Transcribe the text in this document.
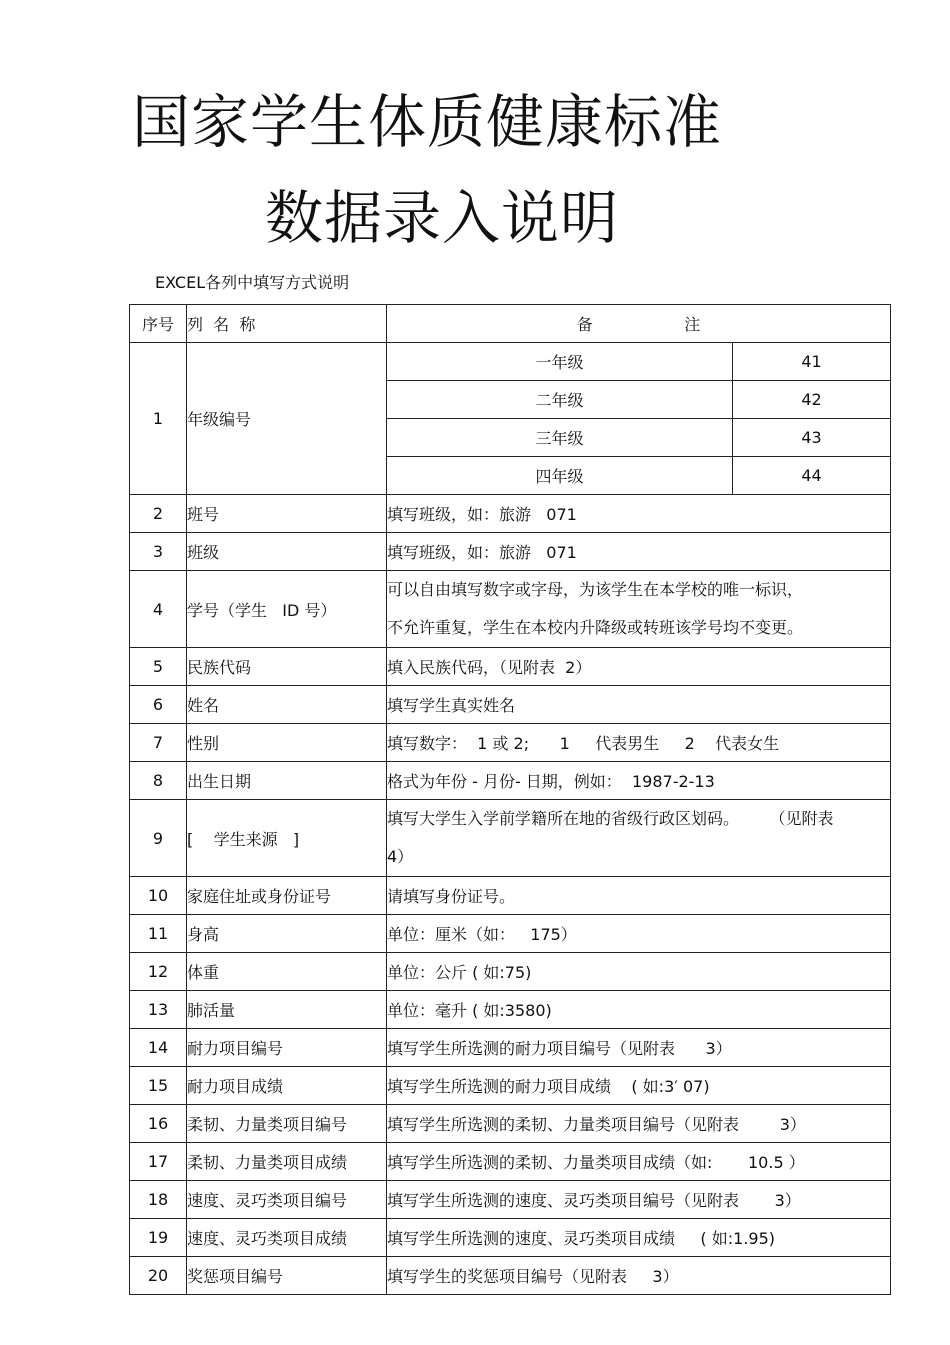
国家学生体质健康标准
数据录入说明
EXCEL各列中填写方式说明
序号	列  名  称	备                  注	
1	年级编号	一年级	41
		二年级	42
		三年级	43
		四年级	44
2	班号	填写班级，如：旅游   071	
3	班级	填写班级，如：旅游   071	
4	学号（学生   ID 号）	可以自由填写数字或字母，为该学生在本学校的唯一标识，
不允许重复，学生在本校内升降级或转班该学号均不变更。	

5	民族代码	填入民族代码，（见附表  2）	
6	姓名	填写学生真实姓名	
7	性别	填写数字：  1 或 2;      1     代表男生     2    代表女生	
8	出生日期	格式为年份 - 月份- 日期，例如：  1987-2-13	
9	[    学生来源   ]	填写大学生入学前学籍所在地的省级行政区划码。      （见附表
4）	

10	家庭住址或身份证号	请填写身份证号。	
11	身高	单位：厘米（如：   175）	
12	体重	单位：公斤 ( 如:75)	
13	肺活量	单位：毫升 ( 如:3580)	
14	耐力项目编号	填写学生所选测的耐力项目编号（见附表      3）	
15	耐力项目成绩	填写学生所选测的耐力项目成绩    ( 如:3′ 07)	
16	柔韧、力量类项目编号	填写学生所选测的柔韧、力量类项目编号（见附表        3）	
17	柔韧、力量类项目成绩	填写学生所选测的柔韧、力量类项目成绩（如:       10.5 ）	
18	速度、灵巧类项目编号	填写学生所选测的速度、灵巧类项目编号（见附表       3）	
19	速度、灵巧类项目成绩	填写学生所选测的速度、灵巧类项目成绩     ( 如:1.95)	
20	奖惩项目编号	填写学生的奖惩项目编号（见附表     3）	
